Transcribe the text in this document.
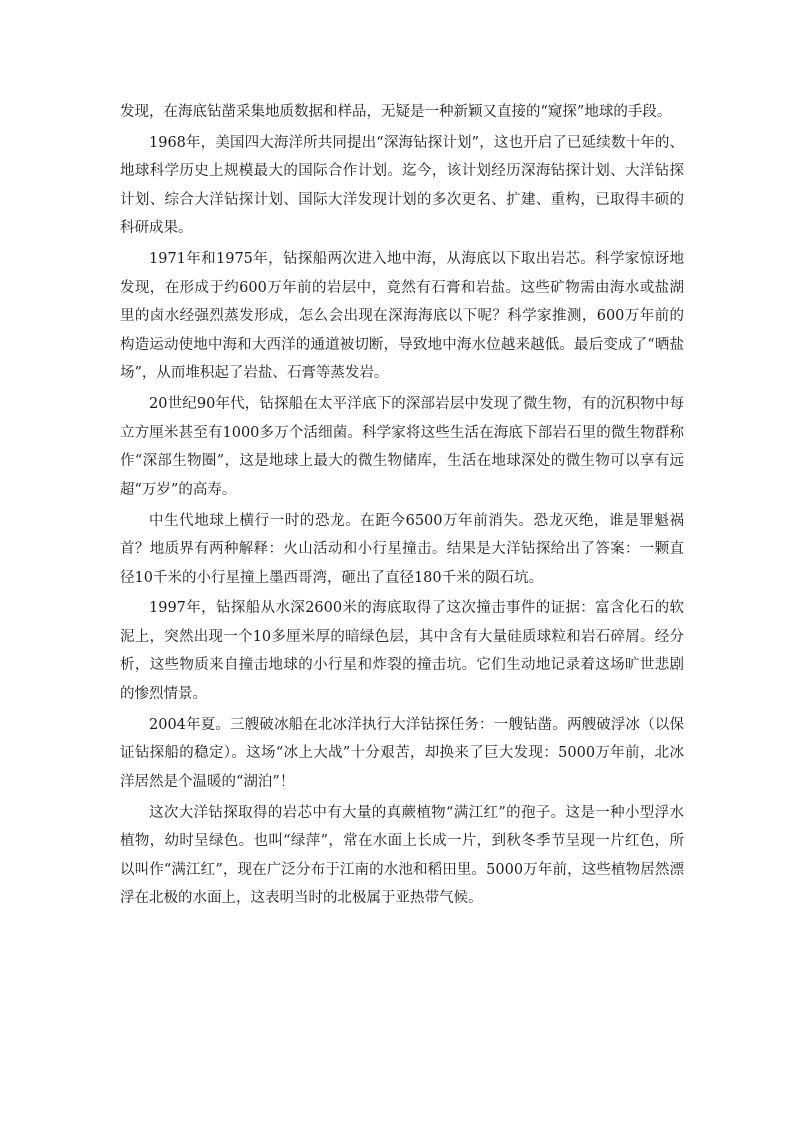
发现，在海底钻凿采集地质数据和样品，无疑是一种新颖又直接的“窥探”地球的手段。

1968年，美国四大海洋所共同提出“深海钻探计划”，这也开启了已延续数十年的、地球科学历史上规模最大的国际合作计划。迄今，该计划经历深海钻探计划、大洋钻探计划、综合大洋钻探计划、国际大洋发现计划的多次更名、扩建、重构，已取得丰硕的科研成果。

1971年和1975年，钻探船两次进入地中海，从海底以下取出岩芯。科学家惊讶地发现，在形成于约600万年前的岩层中，竟然有石膏和岩盐。这些矿物需由海水或盐湖里的卤水经强烈蒸发形成，怎么会出现在深海海底以下呢？科学家推测，600万年前的构造运动使地中海和大西洋的通道被切断，导致地中海水位越来越低。最后变成了“晒盐场”，从而堆积起了岩盐、石膏等蒸发岩。

20世纪90年代，钻探船在太平洋底下的深部岩层中发现了微生物，有的沉积物中每立方厘米甚至有1000多万个活细菌。科学家将这些生活在海底下部岩石里的微生物群称作“深部生物圈”，这是地球上最大的微生物储库，生活在地球深处的微生物可以享有远超“万岁”的高寿。

中生代地球上横行一时的恐龙。在距今6500万年前消失。恐龙灭绝，谁是罪魁祸首？地质界有两种解释：火山活动和小行星撞击。结果是大洋钻探给出了答案：一颗直径10千米的小行星撞上墨西哥湾，砸出了直径180千米的陨石坑。

1997年，钻探船从水深2600米的海底取得了这次撞击事件的证据：富含化石的软泥上，突然出现一个10多厘米厚的暗绿色层，其中含有大量硅质球粒和岩石碎屑。经分析，这些物质来自撞击地球的小行星和炸裂的撞击坑。它们生动地记录着这场旷世悲剧的惨烈情景。

2004年夏。三艘破冰船在北冰洋执行大洋钻探任务：一艘钻凿。两艘破浮冰（以保证钻探船的稳定）。这场“冰上大战”十分艰苦，却换来了巨大发现：5000万年前，北冰洋居然是个温暖的“湖泊”！

这次大洋钻探取得的岩芯中有大量的真蕨植物“满江红”的孢子。这是一种小型浮水植物，幼时呈绿色。也叫“绿萍”，常在水面上长成一片，到秋冬季节呈现一片红色，所以叫作“满江红”，现在广泛分布于江南的水池和稻田里。5000万年前，这些植物居然漂浮在北极的水面上，这表明当时的北极属于亚热带气候。
